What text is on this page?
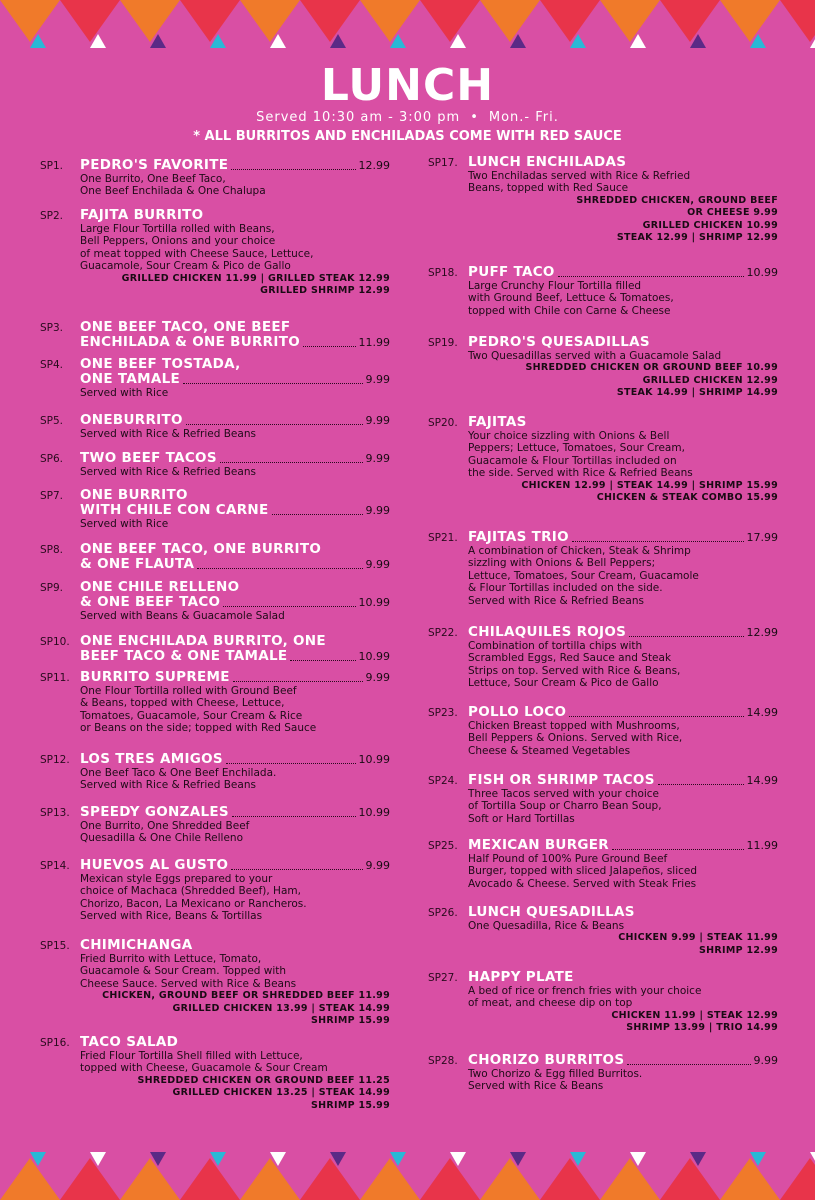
LUNCH
Served 10:30 am - 3:00 pm • Mon.- Fri.
* ALL BURRITOS AND ENCHILADAS COME WITH RED SAUCE
SP1.	PEDRO'S FAVORITE	12.99
One Burrito, One Beef Taco,
One Beef Enchilada & One Chalupa
SP2.	FAJITA BURRITO
Large Flour Tortilla rolled with Beans,
Bell Peppers, Onions and your choice
of meat topped with Cheese Sauce, Lettuce,
Guacamole, Sour Cream & Pico de Gallo
GRILLED CHICKEN 11.99 | GRILLED STEAK 12.99
GRILLED SHRIMP 12.99
SP3.	ONE BEEF TACO, ONE BEEF
ENCHILADA & ONE BURRITO	11.99
SP4.	ONE BEEF TOSTADA,
ONE TAMALE	9.99
Served with Rice
SP5.	ONEBURRITO	9.99
Served with Rice & Refried Beans
SP6.	TWO BEEF TACOS	9.99
Served with Rice & Refried Beans
SP7.	ONE BURRITO
WITH CHILE CON CARNE	9.99
Served with Rice
SP8.	ONE BEEF TACO, ONE BURRITO
& ONE FLAUTA	9.99
SP9.	ONE CHILE RELLENO
& ONE BEEF TACO	10.99
Served with Beans & Guacamole Salad
SP10. ONE ENCHILADA BURRITO, ONE
BEEF TACO & ONE TAMALE	10.99
SP11. BURRITO SUPREME	9.99
One Flour Tortilla rolled with Ground Beef
& Beans, topped with Cheese, Lettuce,
Tomatoes, Guacamole, Sour Cream & Rice
or Beans on the side; topped with Red Sauce
SP12. LOS TRES AMIGOS	10.99
One Beef Taco & One Beef Enchilada.
Served with Rice & Refried Beans
SP13. SPEEDY GONZALES	10.99
One Burrito, One Shredded Beef
Quesadilla & One Chile Relleno
SP14. HUEVOS AL GUSTO	9.99
Mexican style Eggs prepared to your
choice of Machaca (Shredded Beef), Ham,
Chorizo, Bacon, La Mexicano or Rancheros.
Served with Rice, Beans & Tortillas
SP15. CHIMICHANGA
Fried Burrito with Lettuce, Tomato,
Guacamole & Sour Cream. Topped with
Cheese Sauce. Served with Rice & Beans
CHICKEN, GROUND BEEF OR SHREDDED BEEF 11.99
GRILLED CHICKEN 13.99 | STEAK 14.99
SHRIMP 15.99
SP16. TACO SALAD
Fried Flour Tortilla Shell filled with Lettuce,
topped with Cheese, Guacamole & Sour Cream
SHREDDED CHICKEN OR GROUND BEEF 11.25
GRILLED CHICKEN 13.25 | STEAK 14.99
SHRIMP 15.99
SP17. LUNCH ENCHILADAS
Two Enchiladas served with Rice & Refried
Beans, topped with Red Sauce
SHREDDED CHICKEN, GROUND BEEF
OR CHEESE 9.99
GRILLED CHICKEN 10.99
STEAK 12.99 | SHRIMP 12.99
SP18. PUFF TACO	10.99
Large Crunchy Flour Tortilla filled
with Ground Beef, Lettuce & Tomatoes,
topped with Chile con Carne & Cheese
SP19. PEDRO'S QUESADILLAS
Two Quesadillas served with a Guacamole Salad
SHREDDED CHICKEN OR GROUND BEEF 10.99
GRILLED CHICKEN 12.99
STEAK 14.99 | SHRIMP 14.99
SP20. FAJITAS
Your choice sizzling with Onions & Bell
Peppers; Lettuce, Tomatoes, Sour Cream,
Guacamole & Flour Tortillas included on
the side. Served with Rice & Refried Beans
CHICKEN 12.99 | STEAK 14.99 | SHRIMP 15.99
CHICKEN & STEAK COMBO 15.99
SP21. FAJITAS TRIO	17.99
A combination of Chicken, Steak & Shrimp
sizzling with Onions & Bell Peppers;
Lettuce, Tomatoes, Sour Cream, Guacamole
& Flour Tortillas included on the side.
Served with Rice & Refried Beans
SP22. CHILAQUILES ROJOS	12.99
Combination of tortilla chips with
Scrambled Eggs, Red Sauce and Steak
Strips on top. Served with Rice & Beans,
Lettuce, Sour Cream & Pico de Gallo
SP23. POLLO LOCO	14.99
Chicken Breast topped with Mushrooms,
Bell Peppers & Onions. Served with Rice,
Cheese & Steamed Vegetables
SP24. FISH OR SHRIMP TACOS	14.99
Three Tacos served with your choice
of Tortilla Soup or Charro Bean Soup,
Soft or Hard Tortillas
SP25. MEXICAN BURGER	11.99
Half Pound of 100% Pure Ground Beef
Burger, topped with sliced Jalapeños, sliced
Avocado & Cheese. Served with Steak Fries
SP26. LUNCH QUESADILLAS
One Quesadilla, Rice & Beans
CHICKEN 9.99 | STEAK 11.99
SHRIMP 12.99
SP27. HAPPY PLATE
A bed of rice or french fries with your choice
of meat, and cheese dip on top
CHICKEN 11.99 | STEAK 12.99
SHRIMP 13.99 | TRIO 14.99
SP28. CHORIZO BURRITOS	9.99
Two Chorizo & Egg filled Burritos.
Served with Rice & Beans
